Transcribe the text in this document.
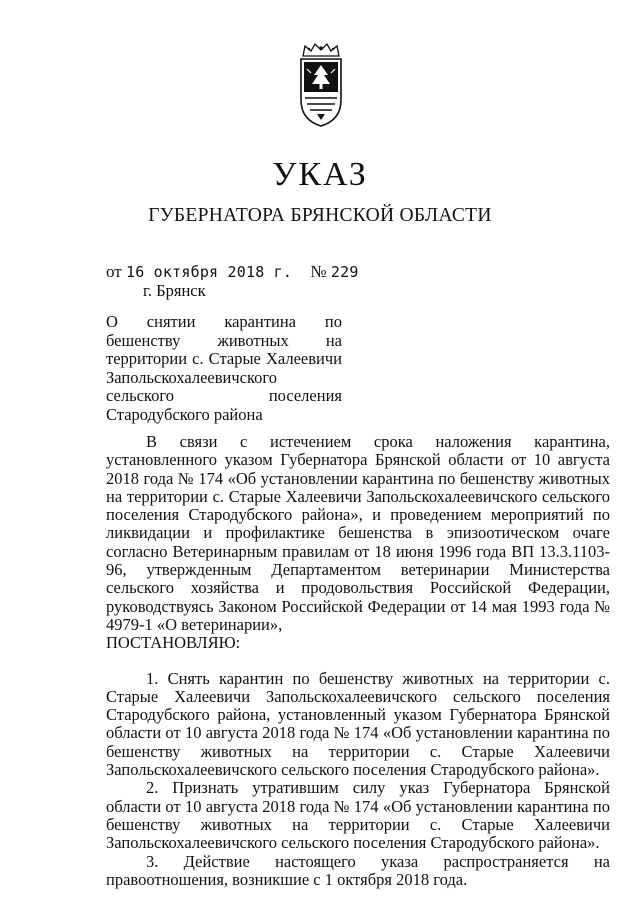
УКАЗ
ГУБЕРНАТОРА БРЯНСКОЙ ОБЛАСТИ
от 16 октября 2018 г. № 229
г. Брянск

О снятии карантина по бешенству животных на территории с. Старые Халеевичи Запольскохалеевичского сельского поселения Стародубского района

В связи с истечением срока наложения карантина, установленного указом Губернатора Брянской области от 10 августа 2018 года № 174 «Об установлении карантина по бешенству животных на территории с. Старые Халеевичи Запольскохалеевичского сельского поселения Стародубского района», и проведением мероприятий по ликвидации и профилактике бешенства в эпизоотическом очаге согласно Ветеринарным правилам от 18 июня 1996 года ВП 13.3.1103-96, утвержденным Департаментом ветеринарии Министерства сельского хозяйства и продовольствия Российской Федерации, руководствуясь Законом Российской Федерации от 14 мая 1993 года № 4979-1 «О ветеринарии»,

ПОСТАНОВЛЯЮ:

1. Снять карантин по бешенству животных на территории с. Старые Халеевичи Запольскохалеевичского сельского поселения Стародубского района, установленный указом Губернатора Брянской области от 10 августа 2018 года № 174 «Об установлении карантина по бешенству животных на территории с. Старые Халеевичи Запольскохалеевичского сельского поселения Стародубского района».

2. Признать утратившим силу указ Губернатора Брянской области от 10 августа 2018 года № 174 «Об установлении карантина по бешенству животных на территории с. Старые Халеевичи Запольскохалеевичского сельского поселения Стародубского района».

3. Действие настоящего указа распространяется на правоотношения, возникшие с 1 октября 2018 года.
